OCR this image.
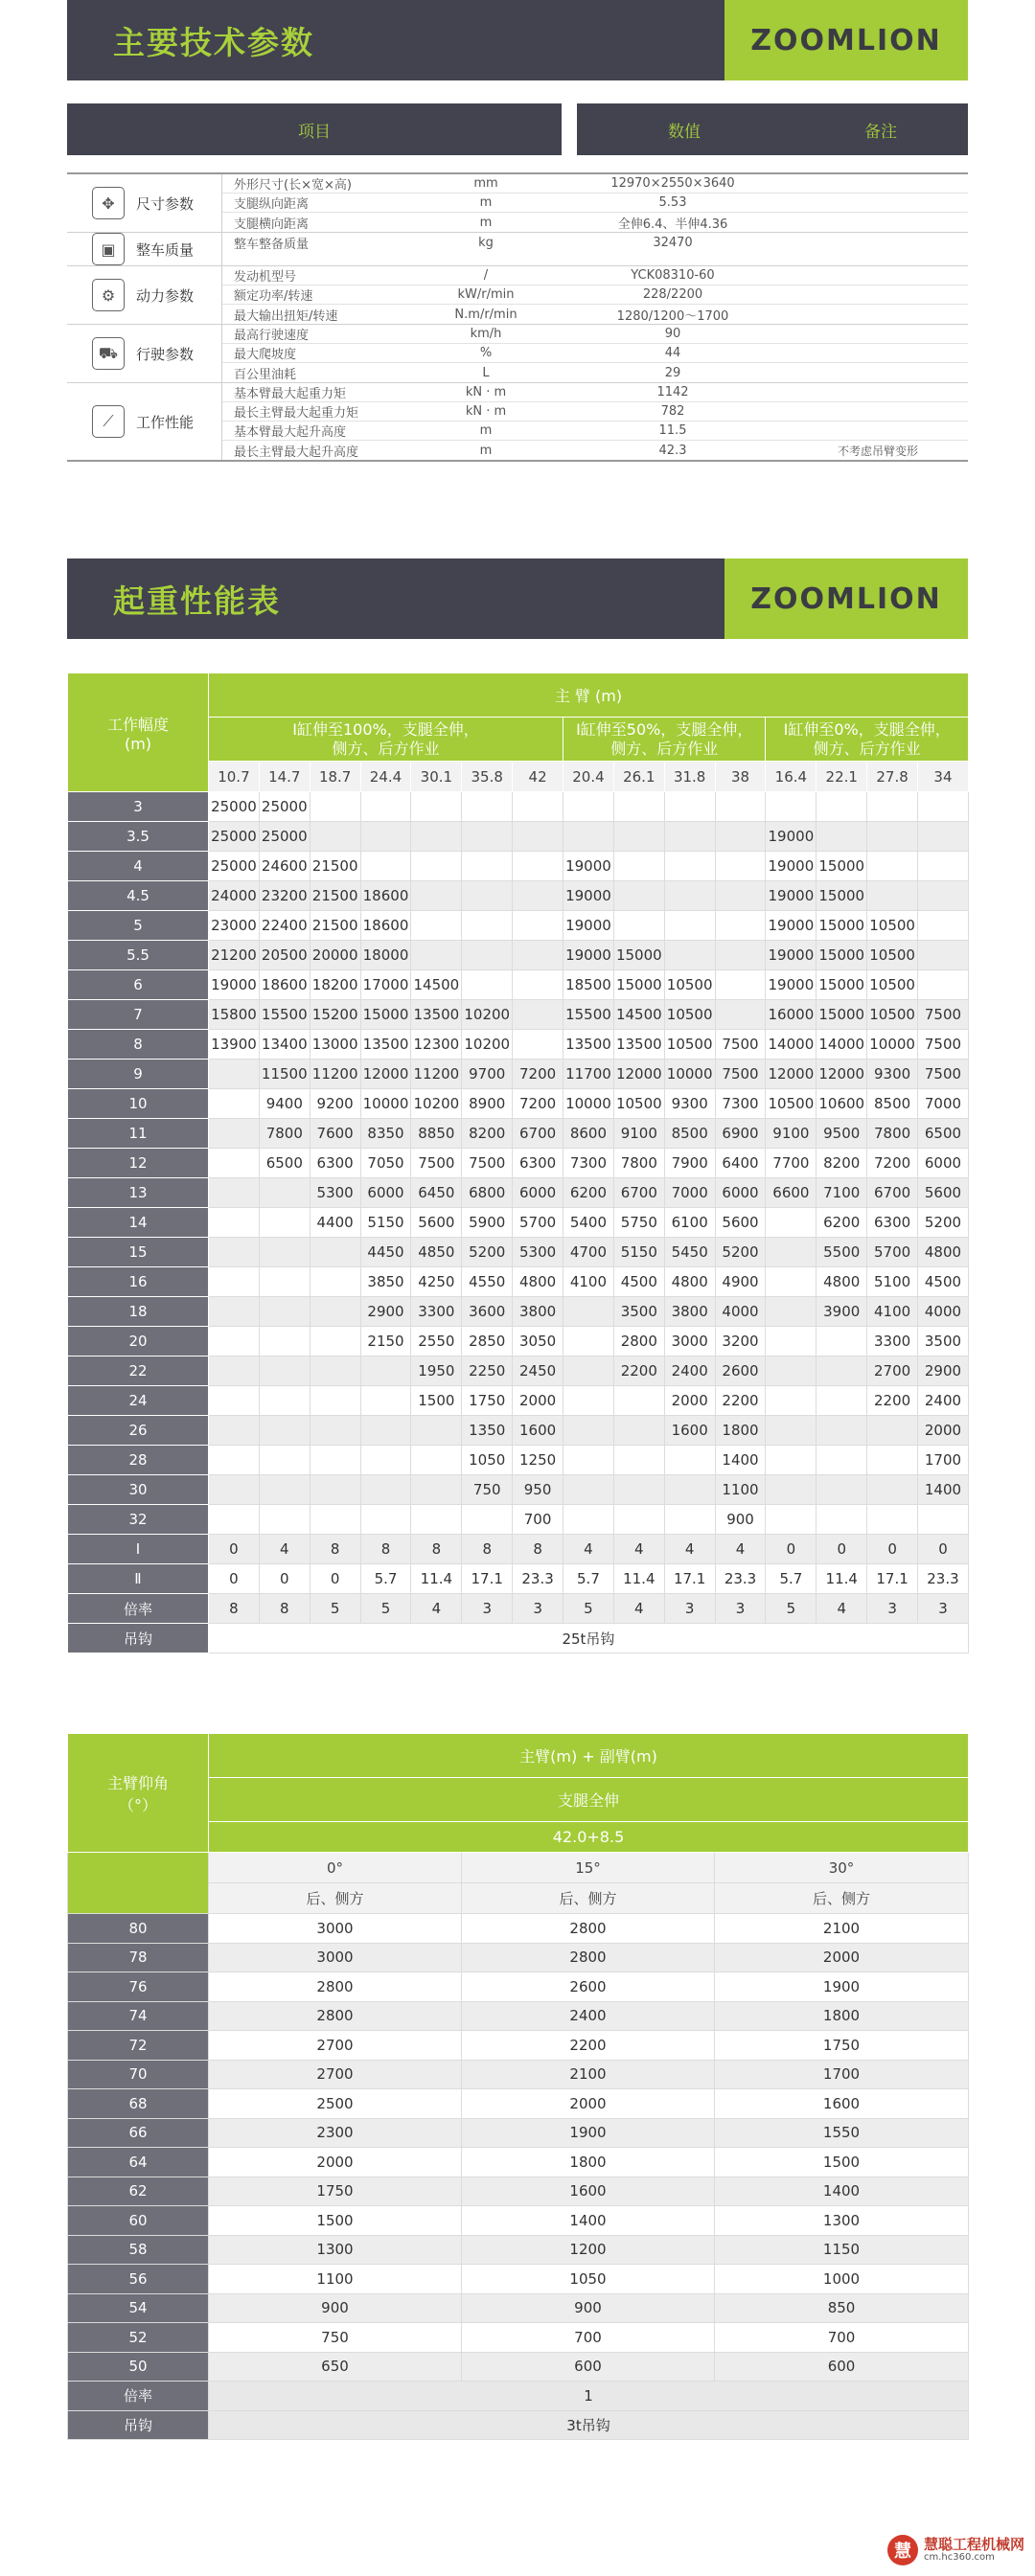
主要技术参数	ZOOMLION
项目	数值	备注
✥	尺寸参数
外形尺寸(长×宽×高)	mm	12970×2550×3640
支腿纵向距离	m	5.53
支腿横向距离	m	全伸6.4、半伸4.36
▣	整车质量	整车整备质量	kg	32470
⚙	动力参数
发动机型号	/	YCK08310-60
额定功率/转速	kW/r/min	228/2200
最大输出扭矩/转速	N.m/r/min	1280/1200～1700
⛟	行驶参数
最高行驶速度	km/h	90
最大爬坡度	%	44
百公里油耗	L	29
⟋	工作性能
基本臂最大起重力矩	kN · m	1142
最长主臂最大起重力矩	kN · m	782
基本臂最大起升高度	m	11.5
最长主臂最大起升高度	m	42.3	不考虑吊臂变形
起重性能表	ZOOMLION
工作幅度
(m)	主 臂 (m)														
	Ⅰ缸伸至100%，支腿全伸，
侧方、后方作业							Ⅰ缸伸至50%，支腿全伸，
侧方、后方作业				Ⅰ缸伸至0%，支腿全伸，
侧方、后方作业			
	10.7	14.7	18.7	24.4	30.1	35.8	42	20.4	26.1	31.8	38	16.4	22.1	27.8	34
3	25000	25000													
3.5	25000	25000										19000			
4	25000	24600	21500					19000				19000	15000		
4.5	24000	23200	21500	18600				19000				19000	15000		
5	23000	22400	21500	18600				19000				19000	15000	10500	
5.5	21200	20500	20000	18000				19000	15000			19000	15000	10500	
6	19000	18600	18200	17000	14500			18500	15000	10500		19000	15000	10500	
7	15800	15500	15200	15000	13500	10200		15500	14500	10500		16000	15000	10500	7500
8	13900	13400	13000	13500	12300	10200		13500	13500	10500	7500	14000	14000	10000	7500
9		11500	11200	12000	11200	9700	7200	11700	12000	10000	7500	12000	12000	9300	7500
10		9400	9200	10000	10200	8900	7200	10000	10500	9300	7300	10500	10600	8500	7000
11		7800	7600	8350	8850	8200	6700	8600	9100	8500	6900	9100	9500	7800	6500
12		6500	6300	7050	7500	7500	6300	7300	7800	7900	6400	7700	8200	7200	6000
13			5300	6000	6450	6800	6000	6200	6700	7000	6000	6600	7100	6700	5600
14			4400	5150	5600	5900	5700	5400	5750	6100	5600		6200	6300	5200
15				4450	4850	5200	5300	4700	5150	5450	5200		5500	5700	4800
16				3850	4250	4550	4800	4100	4500	4800	4900		4800	5100	4500
18				2900	3300	3600	3800		3500	3800	4000		3900	4100	4000
20				2150	2550	2850	3050		2800	3000	3200			3300	3500
22					1950	2250	2450		2200	2400	2600			2700	2900
24					1500	1750	2000			2000	2200			2200	2400
26						1350	1600			1600	1800				2000
28						1050	1250				1400				1700
30						750	950				1100				1400
32							700				900				
Ⅰ	0	4	8	8	8	8	8	4	4	4	4	0	0	0	0
Ⅱ	0	0	0	5.7	11.4	17.1	23.3	5.7	11.4	17.1	23.3	5.7	11.4	17.1	23.3
倍率	8	8	5	5	4	3	3	5	4	3	3	5	4	3	3
吊钩	25t吊钩														
主臂仰角
（°）	主臂(m) + 副臂(m)		
	支腿全伸		
	42.0+8.5		
	0°	15°	30°
	后、侧方	后、侧方	后、侧方
80	3000	2800	2100
78	3000	2800	2000
76	2800	2600	1900
74	2800	2400	1800
72	2700	2200	1750
70	2700	2100	1700
68	2500	2000	1600
66	2300	1900	1550
64	2000	1800	1500
62	1750	1600	1400
60	1500	1400	1300
58	1300	1200	1150
56	1100	1050	1000
54	900	900	850
52	750	700	700
50	650	600	600
倍率	1		
吊钩	3t吊钩		
慧 慧聪工程机械网
cm.hc360.com
